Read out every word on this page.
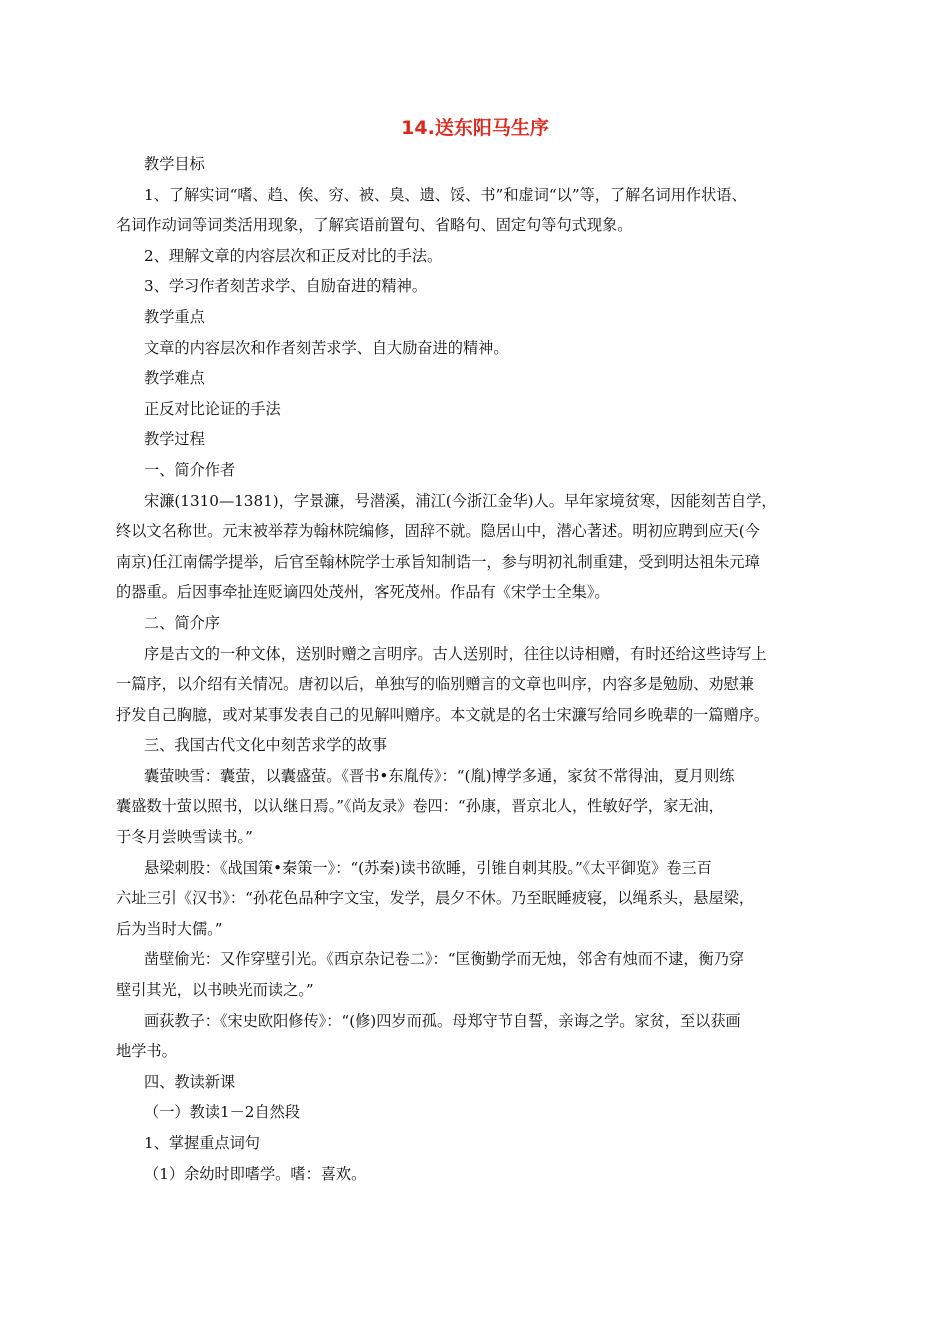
14.送东阳马生序
教学目标
1、了解实词“嗜、趋、俟、穷、被、臭、遗、馁、书”和虚词“以”等，了解名词用作状语、
名词作动词等词类活用现象，了解宾语前置句、省略句、固定句等句式现象。
2、理解文章的内容层次和正反对比的手法。
3、学习作者刻苦求学、自励奋进的精神。
教学重点
文章的内容层次和作者刻苦求学、自大励奋进的精神。
教学难点
正反对比论证的手法
教学过程
一、简介作者
宋濂(1310—1381)，字景濂，号潜溪，浦江(今浙江金华)人。早年家境贫寒，因能刻苦自学，
终以文名称世。元末被举荐为翰林院编修，固辞不就。隐居山中，潜心著述。明初应聘到应天(今
南京)任江南儒学提举，后官至翰林院学士承旨知制诰一，参与明初礼制重建，受到明达祖朱元璋
的器重。后因事牵扯连贬谪四处茂州，客死茂州。作品有《宋学士全集》。
二、简介序
序是古文的一种文体，送别时赠之言明序。古人送别时，往往以诗相赠，有时还给这些诗写上
一篇序，以介绍有关情况。唐初以后，单独写的临别赠言的文章也叫序，内容多是勉励、劝慰兼
抒发自己胸臆，或对某事发表自己的见解叫赠序。本文就是的名士宋濂写给同乡晚辈的一篇赠序。
三、我国古代文化中刻苦求学的故事
囊萤映雪：囊萤，以囊盛萤。《晋书•东胤传》：“(胤)博学多通，家贫不常得油，夏月则练
囊盛数十萤以照书，以认继日焉。”《尚友录》卷四：“孙康，晋京北人，性敏好学，家无油，
于冬月尝映雪读书。”
悬梁刺股：《战国策•秦策一》：“(苏秦)读书欲睡，引锥自刺其股。”《太平御览》卷三百
六址三引《汉书》：“孙花色品种字文宝，发学，晨夕不休。乃至眠睡疲寝，以绳系头，悬屋梁，
后为当时大儒。”
凿壁偷光：又作穿壁引光。《西京杂记卷二》：“匡衡勤学而无烛，邻舍有烛而不逮，衡乃穿
壁引其光，以书映光而读之。”
画荻教子：《宋史欧阳修传》：“(修)四岁而孤。母郑守节自誓，亲诲之学。家贫，至以获画
地学书。
四、教读新课
（一）教读1－2自然段
1、掌握重点词句
（1）余幼时即嗜学。嗜：喜欢。
